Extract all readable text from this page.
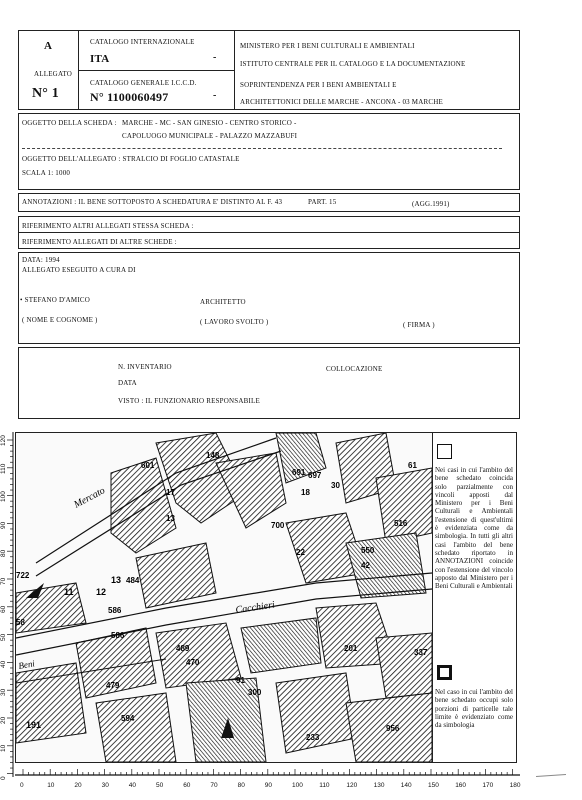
A
ALLEGATO
N° 1
CATALOGO INTERNAZIONALE
ITA	-
CATALOGO GENERALE I.C.C.D.
N° 1100060497	-
MINISTERO PER I BENI CULTURALI E AMBIENTALI
ISTITUTO CENTRALE PER IL CATALOGO E LA DOCUMENTAZIONE
SOPRINTENDENZA PER I BENI AMBIENTALI E
ARCHITETTONICI DELLE MARCHE - ANCONA - 03 MARCHE
OGGETTO DELLA SCHEDA : MARCHE - MC - SAN GINESIO - CENTRO STORICO -
CAPOLUOGO MUNICIPALE - PALAZZO MAZZABUFI
OGGETTO DELL'ALLEGATO : STRALCIO DI FOGLIO CATASTALE
SCALA 1: 1000
ANNOTAZIONI : IL BENE SOTTOPOSTO A SCHEDATURA E' DISTINTO AL F. 43	PART. 15	(AGG.1991)
RIFERIMENTO ALTRI ALLEGATI STESSA SCHEDA :
RIFERIMENTO ALLEGATI DI ALTRE SCHEDE :
DATA: 1994
ALLEGATO ESEGUITO A CURA DI
• STEFANO D'AMICO	ARCHITETTO
( NOME E COGNOME )	( LAVORO SVOLTO )	( FIRMA )
N. INVENTARIO	COLLOCAZIONE
DATA
VISTO : IL FUNZIONARIO RESPONSABILE
Mercato
Cacchieri
Beni
148
691 697
18
30
61
601
17
13
700
22
516
550
42
484
722
11 12
13
586
586
489
479
470
91
300
201	337
191
594
233
956
58
Nei casi in cui l'ambito del bene schedato coincida solo parzialmente con vincoli apposti dal Ministero per i Beni Culturali e Ambientali l'estensione di quest'ultimi è evidenziata come da simbologia. In tutti gli altri casi l'ambito del bene schedato riportato in ANNOTAZIONI coincide con l'estensione del vincolo apposto dal Ministero per i Beni Culturali e Ambientali
Nel caso in cui l'ambito del bene schedato occupi solo porzioni di particelle tale limite è evidenziato come da simbologia
0	10	20	30	40	50	60	70	80	90	100	110	120	130	140	150	160	170	180
120
110
100
90
80
70
60
50
40
30
20
10
0
